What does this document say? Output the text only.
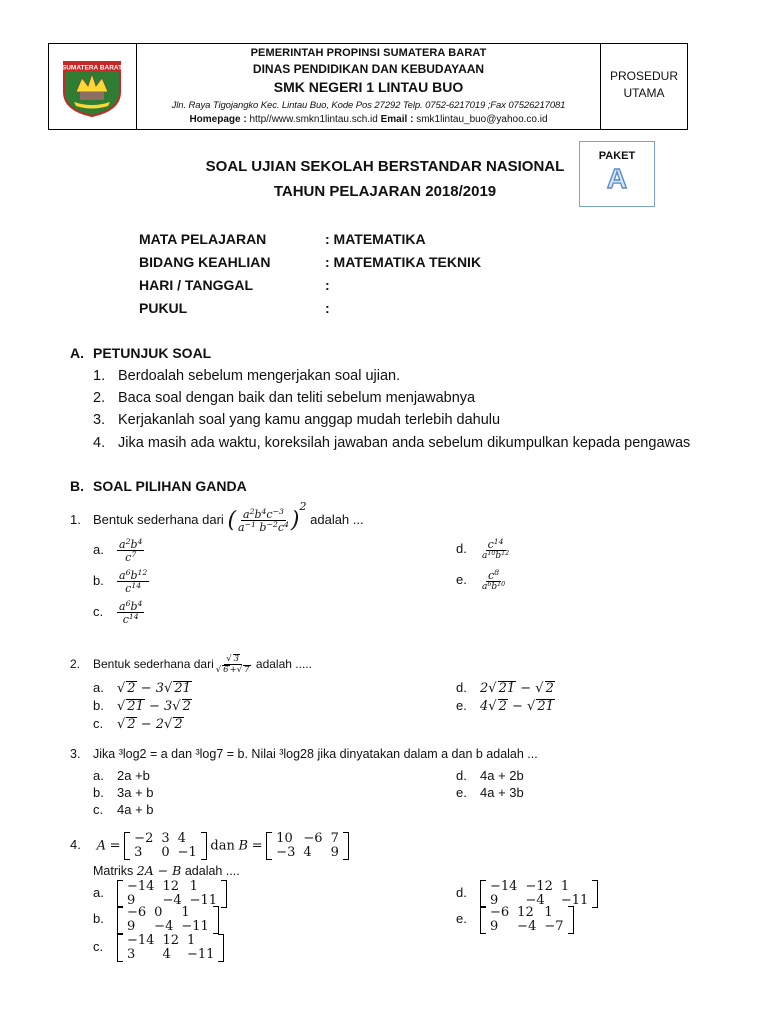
SUMATERA BARAT
PEMERINTAH PROPINSI SUMATERA BARAT
DINAS PENDIDIKAN DAN KEBUDAYAAN
SMK NEGERI 1 LINTAU BUO
Jln. Raya Tigojangko Kec. Lintau Buo, Kode Pos 27292 Telp. 0752-6217019 ;Fax 07526217081
Homepage : http//www.smkn1lintau.sch.id Email : smk1lintau_buo@yahoo.co.id
PROSEDUR
UTAMA
PAKET
A
SOAL UJIAN SEKOLAH BERSTANDAR NASIONAL
TAHUN PELAJARAN 2018/2019
MATA PELAJARAN	: MATEMATIKA
BIDANG KEAHLIAN	: MATEMATIKA TEKNIK
HARI / TANGGAL	:
PUKUL	:
A. PETUNJUK SOAL
1. Berdoalah sebelum mengerjakan soal ujian.
2. Baca soal dengan baik dan teliti sebelum menjawabnya
3. Kerjakanlah soal yang kamu anggap mudah terlebih dahulu
4. Jika masih ada waktu, koreksilah jawaban anda sebelum dikumpulkan kepada pengawas
B. SOAL PILIHAN GANDA
1. Bentuk sederhana dari ( $\frac{a^2b^4c^{-3}}{a^{-1} b^{-2}c^4} )^2$ adalah ...
a. $\frac{a^2b^4}{c^7}$
b. $\frac{a^6b^{12}}{c^{14}}$
c. $\frac{a^6b^4}{c^{14}}$
d. $\frac{c^{14}}{a^{10}b^{12}}$
e. $\frac{c^8}{a^6b^{10}}$
2. Bentuk sederhana dari $\frac{√ 3}{√ 6+√ 7}$ adalah .....
a. √ 2 − 3√ 21
b. √ 21 − 3√ 2
c. √ 2 − 2√ 2
d. 2√ 21 − √ 2
e. 4√ 2 − √ 21
3. Jika ³log2 = a dan ³log7 = b. Nilai ³log28 jika dinyatakan dalam a dan b adalah ...
a. 2a +b
b. 3a + b
c. 4a + b
d. 4a + 2b
e. 4a + 3b
4. A = −2	3	4
3	0	−1 dan B = 10	−6	7
−3	4	9
Matriks 2A − B adalah ....
a. −14	12	1
9	−4	−11
b. −6	0	1
9	−4	−11
c. −14	12	1
3	4	−11
d. −14	−12	1
9	−4	−11
e. −6	12	1
9	−4	−7
